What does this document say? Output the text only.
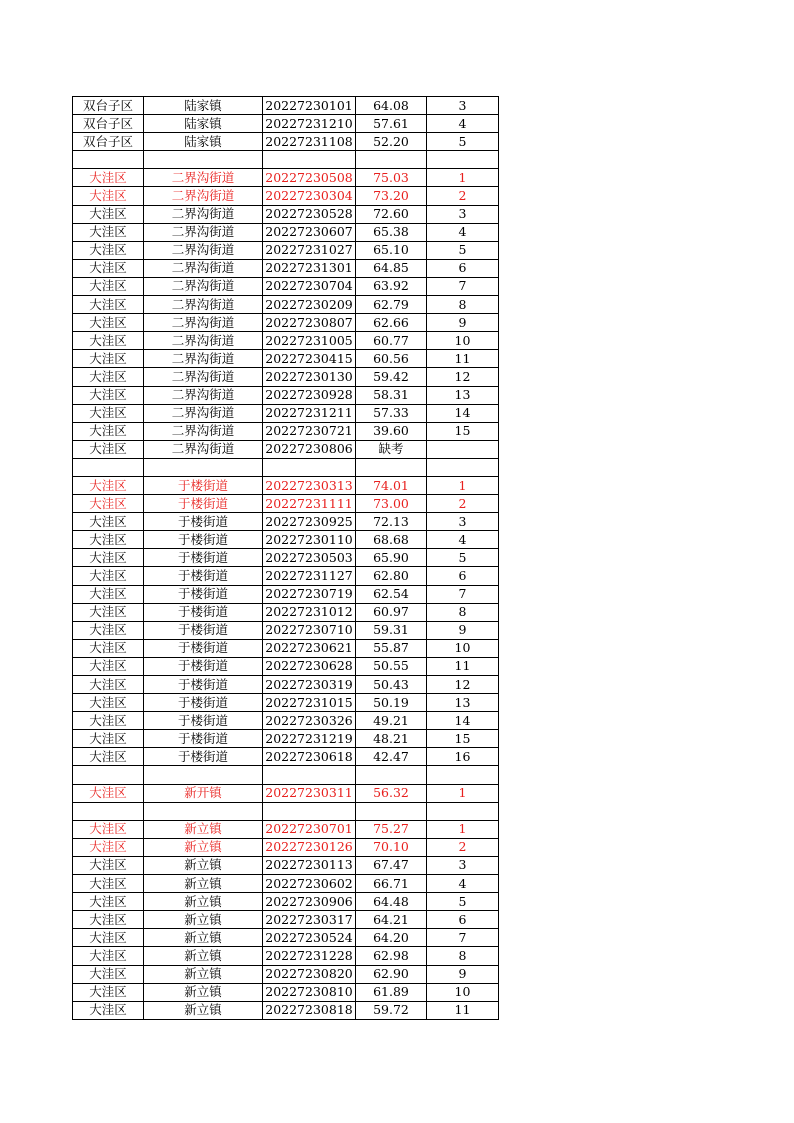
双台子区	陆家镇	20227230101	64.08	3
双台子区	陆家镇	20227231210	57.61	4
双台子区	陆家镇	20227231108	52.20	5

大洼区	二界沟街道	20227230508	75.03	1
大洼区	二界沟街道	20227230304	73.20	2
大洼区	二界沟街道	20227230528	72.60	3
大洼区	二界沟街道	20227230607	65.38	4
大洼区	二界沟街道	20227231027	65.10	5
大洼区	二界沟街道	20227231301	64.85	6
大洼区	二界沟街道	20227230704	63.92	7
大洼区	二界沟街道	20227230209	62.79	8
大洼区	二界沟街道	20227230807	62.66	9
大洼区	二界沟街道	20227231005	60.77	10
大洼区	二界沟街道	20227230415	60.56	11
大洼区	二界沟街道	20227230130	59.42	12
大洼区	二界沟街道	20227230928	58.31	13
大洼区	二界沟街道	20227231211	57.33	14
大洼区	二界沟街道	20227230721	39.60	15
大洼区	二界沟街道	20227230806	缺考	

大洼区	于楼街道	20227230313	74.01	1
大洼区	于楼街道	20227231111	73.00	2
大洼区	于楼街道	20227230925	72.13	3
大洼区	于楼街道	20227230110	68.68	4
大洼区	于楼街道	20227230503	65.90	5
大洼区	于楼街道	20227231127	62.80	6
大洼区	于楼街道	20227230719	62.54	7
大洼区	于楼街道	20227231012	60.97	8
大洼区	于楼街道	20227230710	59.31	9
大洼区	于楼街道	20227230621	55.87	10
大洼区	于楼街道	20227230628	50.55	11
大洼区	于楼街道	20227230319	50.43	12
大洼区	于楼街道	20227231015	50.19	13
大洼区	于楼街道	20227230326	49.21	14
大洼区	于楼街道	20227231219	48.21	15
大洼区	于楼街道	20227230618	42.47	16

大洼区	新开镇	20227230311	56.32	1

大洼区	新立镇	20227230701	75.27	1
大洼区	新立镇	20227230126	70.10	2
大洼区	新立镇	20227230113	67.47	3
大洼区	新立镇	20227230602	66.71	4
大洼区	新立镇	20227230906	64.48	5
大洼区	新立镇	20227230317	64.21	6
大洼区	新立镇	20227230524	64.20	7
大洼区	新立镇	20227231228	62.98	8
大洼区	新立镇	20227230820	62.90	9
大洼区	新立镇	20227230810	61.89	10
大洼区	新立镇	20227230818	59.72	11
